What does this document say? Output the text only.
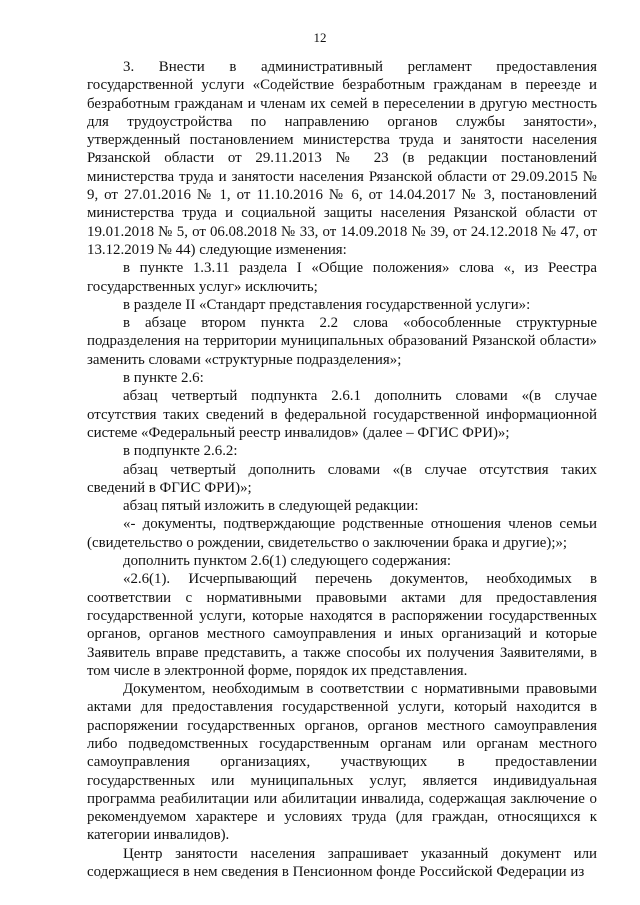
12

3. Внести в административный регламент предоставления государственной услуги «Содействие безработным гражданам в переезде и безработным гражданам и членам их семей в переселении в другую местность для трудоустройства по направлению органов службы занятости», утвержденный постановлением министерства труда и занятости населения Рязанской области от 29.11.2013 № 23 (в редакции постановлений министерства труда и занятости населения Рязанской области от 29.09.2015 № 9, от 27.01.2016 № 1, от 11.10.2016 № 6, от 14.04.2017 № 3, постановлений министерства труда и социальной защиты населения Рязанской области от 19.01.2018 № 5, от 06.08.2018 № 33, от 14.09.2018 № 39, от 24.12.2018 № 47, от 13.12.2019 № 44) следующие изменения:

в пункте 1.3.11 раздела I «Общие положения» слова «, из Реестра государственных услуг» исключить;

в разделе II «Стандарт представления государственной услуги»:

в абзаце втором пункта 2.2 слова «обособленные структурные подразделения на территории муниципальных образований Рязанской области» заменить словами «структурные подразделения»;

в пункте 2.6:

абзац четвертый подпункта 2.6.1 дополнить словами «(в случае отсутствия таких сведений в федеральной государственной информационной системе «Федеральный реестр инвалидов» (далее – ФГИС ФРИ)»;

в подпункте 2.6.2:

абзац четвертый дополнить словами «(в случае отсутствия таких сведений в ФГИС ФРИ)»;

абзац пятый изложить в следующей редакции:

«- документы, подтверждающие родственные отношения членов семьи (свидетельство о рождении, свидетельство о заключении брака и другие);»;

дополнить пунктом 2.6(1) следующего содержания:

«2.6(1). Исчерпывающий перечень документов, необходимых в соответствии с нормативными правовыми актами для предоставления государственной услуги, которые находятся в распоряжении государственных органов, органов местного самоуправления и иных организаций и которые Заявитель вправе представить, а также способы их получения Заявителями, в том числе в электронной форме, порядок их представления.

Документом, необходимым в соответствии с нормативными правовыми актами для предоставления государственной услуги, который находится в распоряжении государственных органов, органов местного самоуправления либо подведомственных государственным органам или органам местного самоуправления организациях, участвующих в предоставлении государственных или муниципальных услуг, является индивидуальная программа реабилитации или абилитации инвалида, содержащая заключение о рекомендуемом характере и условиях труда (для граждан, относящихся к категории инвалидов).

Центр занятости населения запрашивает указанный документ или содержащиеся в нем сведения в Пенсионном фонде Российской Федерации из
